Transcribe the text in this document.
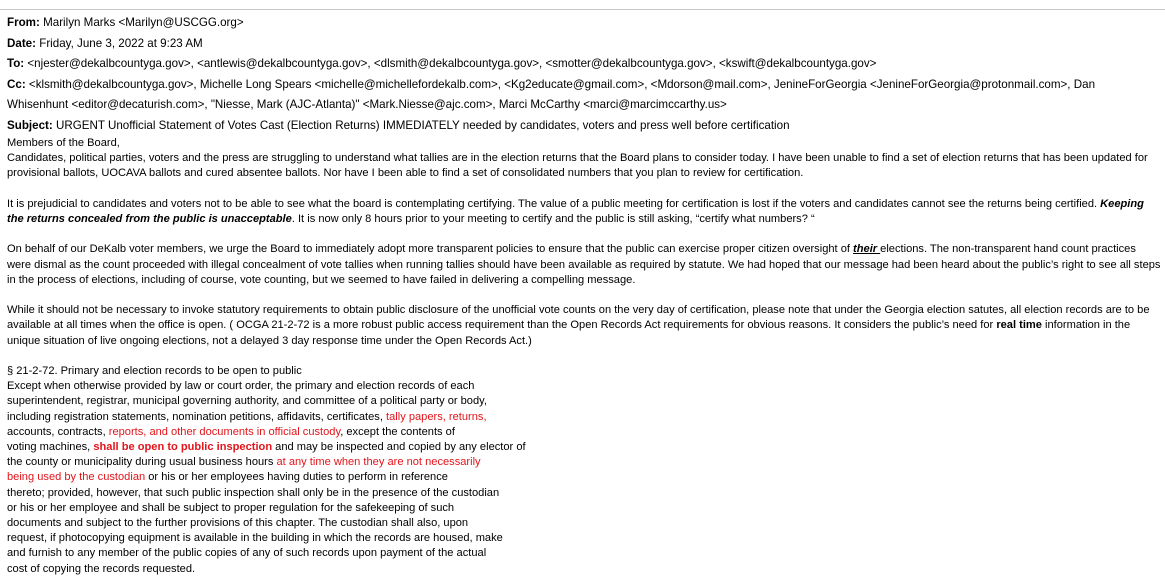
From: Marilyn Marks <Marilyn@USCGG.org>
Date: Friday, June 3, 2022 at 9:23 AM
To: <njester@dekalbcountyga.gov>, <antlewis@dekalbcountyga.gov>, <dlsmith@dekalbcountyga.gov>, <smotter@dekalbcountyga.gov>, <kswift@dekalbcountyga.gov>
Cc: <klsmith@dekalbcountyga.gov>, Michelle Long Spears <michelle@michellefordekalb.com>, <Kg2educate@gmail.com>, <Mdorson@mail.com>, JenineForGeorgia <JenineForGeorgia@protonmail.com>, Dan Whisenhunt <editor@decaturish.com>, "Niesse, Mark (AJC-Atlanta)" <Mark.Niesse@ajc.com>, Marci McCarthy <marci@marcimccarthy.us>
Subject: URGENT Unofficial Statement of Votes Cast (Election Returns) IMMEDIATELY needed by candidates, voters and press well before certification
Members of the Board,
Candidates, political parties, voters and the press are struggling to understand what tallies are in the election returns that the Board plans to consider today. I have been unable to find a set of election returns that has been updated for provisional ballots, UOCAVA ballots and cured absentee ballots. Nor have I been able to find a set of consolidated numbers that you plan to review for certification.
It is prejudicial to candidates and voters not to be able to see what the board is contemplating certifying. The value of a public meeting for certification is lost if the voters and candidates cannot see the returns being certified. Keeping the returns concealed from the public is unacceptable. It is now only 8 hours prior to your meeting to certify and the public is still asking, “certify what numbers? “
On behalf of our DeKalb voter members, we urge the Board to immediately adopt more transparent policies to ensure that the public can exercise proper citizen oversight of their elections. The non-transparent hand count practices were dismal as the count proceeded with illegal concealment of vote tallies when running tallies should have been available as required by statute. We had hoped that our message had been heard about the public’s right to see all steps in the process of elections, including of course, vote counting, but we seemed to have failed in delivering a compelling message.
While it should not be necessary to invoke statutory requirements to obtain public disclosure of the unofficial vote counts on the very day of certification, please note that under the Georgia election satutes, all election records are to be available at all times when the office is open. ( OCGA 21-2-72 is a more robust public access requirement than the Open Records Act requirements for obvious reasons. It considers the public’s need for real time information in the unique situation of live ongoing elections, not a delayed 3 day response time under the Open Records Act.)
§ 21-2-72. Primary and election records to be open to public
Except when otherwise provided by law or court order, the primary and election records of each
superintendent, registrar, municipal governing authority, and committee of a political party or body,
including registration statements, nomination petitions, affidavits, certificates, tally papers, returns,
accounts, contracts, reports, and other documents in official custody, except the contents of
voting machines, shall be open to public inspection and may be inspected and copied by any elector of
the county or municipality during usual business hours at any time when they are not necessarily
being used by the custodian or his or her employees having duties to perform in reference
thereto; provided, however, that such public inspection shall only be in the presence of the custodian
or his or her employee and shall be subject to proper regulation for the safekeeping of such
documents and subject to the further provisions of this chapter. The custodian shall also, upon
request, if photocopying equipment is available in the building in which the records are housed, make
and furnish to any member of the public copies of any of such records upon payment of the actual
cost of copying the records requested.
